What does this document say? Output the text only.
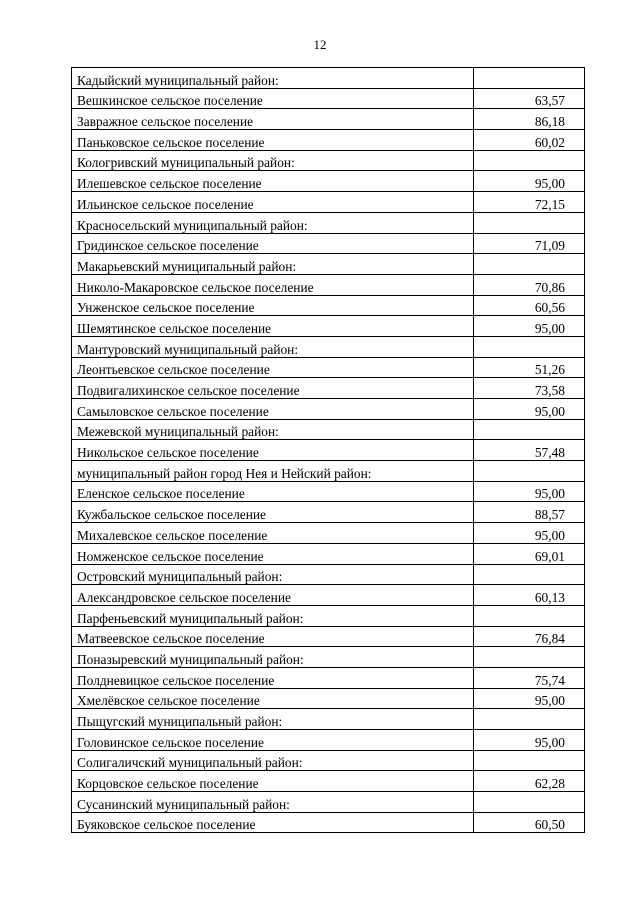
12
Кадыйский муниципальный район:	
Вешкинское сельское поселение	63,57
Завражное сельское поселение	86,18
Паньковское сельское поселение	60,02
Кологривский муниципальный район:	
Илешевское сельское поселение	95,00
Ильинское сельское поселение	72,15
Красносельский муниципальный район:	
Гридинское сельское поселение	71,09
Макарьевский муниципальный район:	
Николо-Макаровское сельское поселение	70,86
Унженское сельское поселение	60,56
Шемятинское сельское поселение	95,00
Мантуровский муниципальный район:	
Леонтьевское сельское поселение	51,26
Подвигалихинское сельское поселение	73,58
Самыловское сельское поселение	95,00
Межевской муниципальный район:	
Никольское сельское поселение	57,48
муниципальный район город Нея и Нейский район:	
Еленское сельское поселение	95,00
Кужбальское сельское поселение	88,57
Михалевское сельское поселение	95,00
Номженское сельское поселение	69,01
Островский муниципальный район:	
Александровское сельское поселение	60,13
Парфеньевский муниципальный район:	
Матвеевское сельское поселение	76,84
Поназыревский муниципальный район:	
Полдневицкое сельское поселение	75,74
Хмелёвское сельское поселение	95,00
Пыщугский муниципальный район:	
Головинское сельское поселение	95,00
Солигаличский муниципальный район:	
Корцовское сельское поселение	62,28
Сусанинский муниципальный район:	
Буяковское сельское поселение	60,50
